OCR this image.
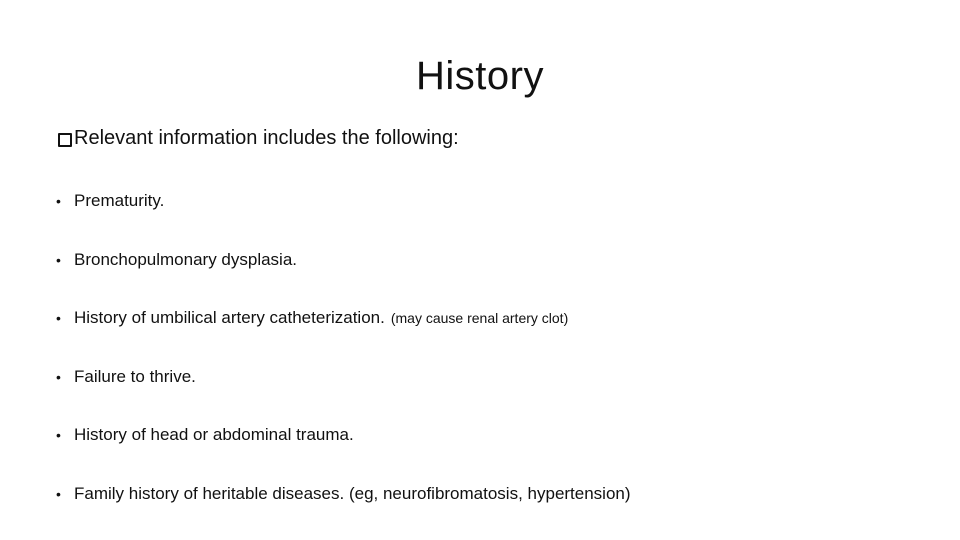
History
Relevant information includes the following:
• Prematurity.
• Bronchopulmonary dysplasia.
• History of umbilical artery catheterization. (may cause renal artery clot)
• Failure to thrive.
• History of head or abdominal trauma.
• Family history of heritable diseases. (eg, neurofibromatosis, hypertension)
